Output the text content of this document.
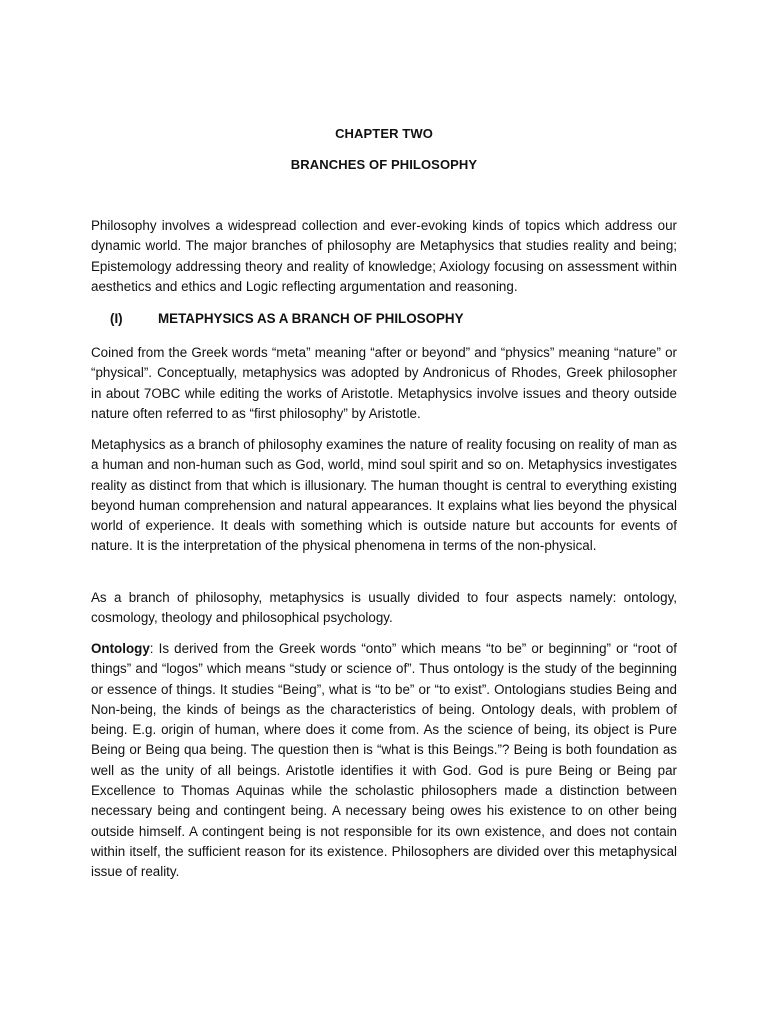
CHAPTER TWO
BRANCHES OF PHILOSOPHY
Philosophy involves a widespread collection and ever-evoking kinds of topics which address our dynamic world. The major branches of philosophy are Metaphysics that studies reality and being; Epistemology addressing theory and reality of knowledge; Axiology focusing on assessment within aesthetics and ethics and Logic reflecting argumentation and reasoning.
(I)	METAPHYSICS AS A BRANCH OF PHILOSOPHY
Coined from the Greek words “meta” meaning “after or beyond” and “physics” meaning “nature” or “physical”. Conceptually, metaphysics was adopted by Andronicus of Rhodes, Greek philosopher in about 7OBC while editing the works of Aristotle. Metaphysics involve issues and theory outside nature often referred to as “first philosophy” by Aristotle.
Metaphysics as a branch of philosophy examines the nature of reality focusing on reality of man as a human and non-human such as God, world, mind soul spirit and so on. Metaphysics investigates reality as distinct from that which is illusionary. The human thought is central to everything existing beyond human comprehension and natural appearances. It explains what lies beyond the physical world of experience. It deals with something which is outside nature but accounts for events of nature. It is the interpretation of the physical phenomena in terms of the non-physical.
As a branch of philosophy, metaphysics is usually divided to four aspects namely: ontology, cosmology, theology and philosophical psychology.
Ontology: Is derived from the Greek words “onto” which means “to be” or beginning” or “root of things” and “logos” which means “study or science of”. Thus ontology is the study of the beginning or essence of things. It studies “Being”, what is “to be” or “to exist”. Ontologians studies Being and Non-being, the kinds of beings as the characteristics of being. Ontology deals, with problem of being. E.g. origin of human, where does it come from. As the science of being, its object is Pure Being or Being qua being. The question then is “what is this Beings.”? Being is both foundation as well as the unity of all beings. Aristotle identifies it with God. God is pure Being or Being par Excellence to Thomas Aquinas while the scholastic philosophers made a distinction between necessary being and contingent being. A necessary being owes his existence to on other being outside himself. A contingent being is not responsible for its own existence, and does not contain within itself, the sufficient reason for its existence. Philosophers are divided over this metaphysical issue of reality.
